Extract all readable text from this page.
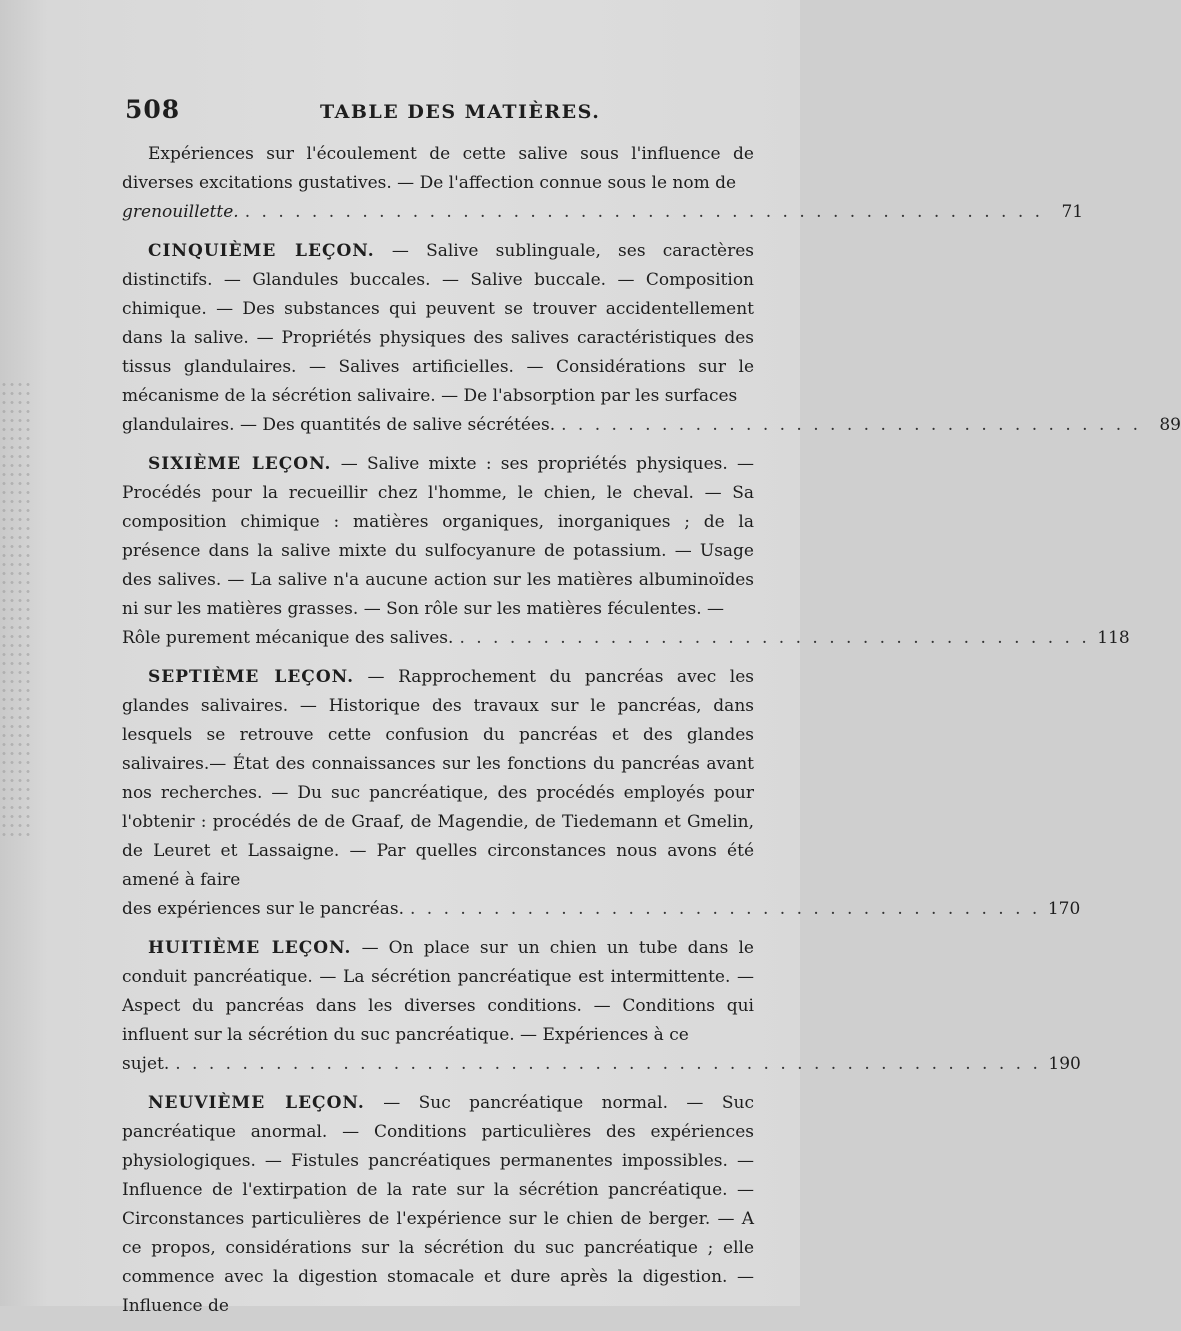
508	TABLE DES MATIÈRES.
Expériences sur l'écoulement de cette salive sous l'influence de diverses excitations gustatives. — De l'affection connue sous le nom de
grenouillette. . . . . . . . . . . . . . . . . . . . . . . . . . . . . . . . . . . . . . . . . . . . . . . . .	71
CINQUIÈME LEÇON. — Salive sublinguale, ses caractères distinctifs. — Glandules buccales. — Salive buccale. — Composition chimique. — Des substances qui peuvent se trouver accidentellement dans la salive. — Propriétés physiques des salives caractéristiques des tissus glandulaires. — Salives artificielles. — Considérations sur le mécanisme de la sécrétion salivaire. — De l'absorption par les surfaces
glandulaires. — Des quantités de salive sécrétées. . . . . . . . . . . . . . . . . . . . . . . . . . . . . . . . . . . .	89
SIXIÈME LEÇON. — Salive mixte : ses propriétés physiques. — Procédés pour la recueillir chez l'homme, le chien, le cheval. — Sa composition chimique : matières organiques, inorganiques ; de la présence dans la salive mixte du sulfocyanure de potassium. — Usage des salives. — La salive n'a aucune action sur les matières albuminoïdes ni sur les matières grasses. — Son rôle sur les matières féculentes. —
Rôle purement mécanique des salives. . . . . . . . . . . . . . . . . . . . . . . . . . . . . . . . . . . . . . . 118
SEPTIÈME LEÇON. — Rapprochement du pancréas avec les glandes salivaires. — Historique des travaux sur le pancréas, dans lesquels se retrouve cette confusion du pancréas et des glandes salivaires.— État des connaissances sur les fonctions du pancréas avant nos recherches. — Du suc pancréatique, des procédés employés pour l'obtenir : procédés de de Graaf, de Magendie, de Tiedemann et Gmelin, de Leuret et Lassaigne. — Par quelles circonstances nous avons été amené à faire
des expériences sur le pancréas. . . . . . . . . . . . . . . . . . . . . . . . . . . . . . . . . . . . . . . 170
HUITIÈME LEÇON. — On place sur un chien un tube dans le conduit pancréatique. — La sécrétion pancréatique est intermittente. — Aspect du pancréas dans les diverses conditions. — Conditions qui influent sur la sécrétion du suc pancréatique. — Expériences à ce
sujet. . . . . . . . . . . . . . . . . . . . . . . . . . . . . . . . . . . . . . . . . . . . . . . . . . . . . 190
NEUVIÈME LEÇON. — Suc pancréatique normal. — Suc pancréatique anormal. — Conditions particulières des expériences physiologiques. — Fistules pancréatiques permanentes impossibles. — Influence de l'extirpation de la rate sur la sécrétion pancréatique. — Circonstances particulières de l'expérience sur le chien de berger. — A ce propos, considérations sur la sécrétion du suc pancréatique ; elle commence avec la digestion stomacale et dure après la digestion. — Influence de
